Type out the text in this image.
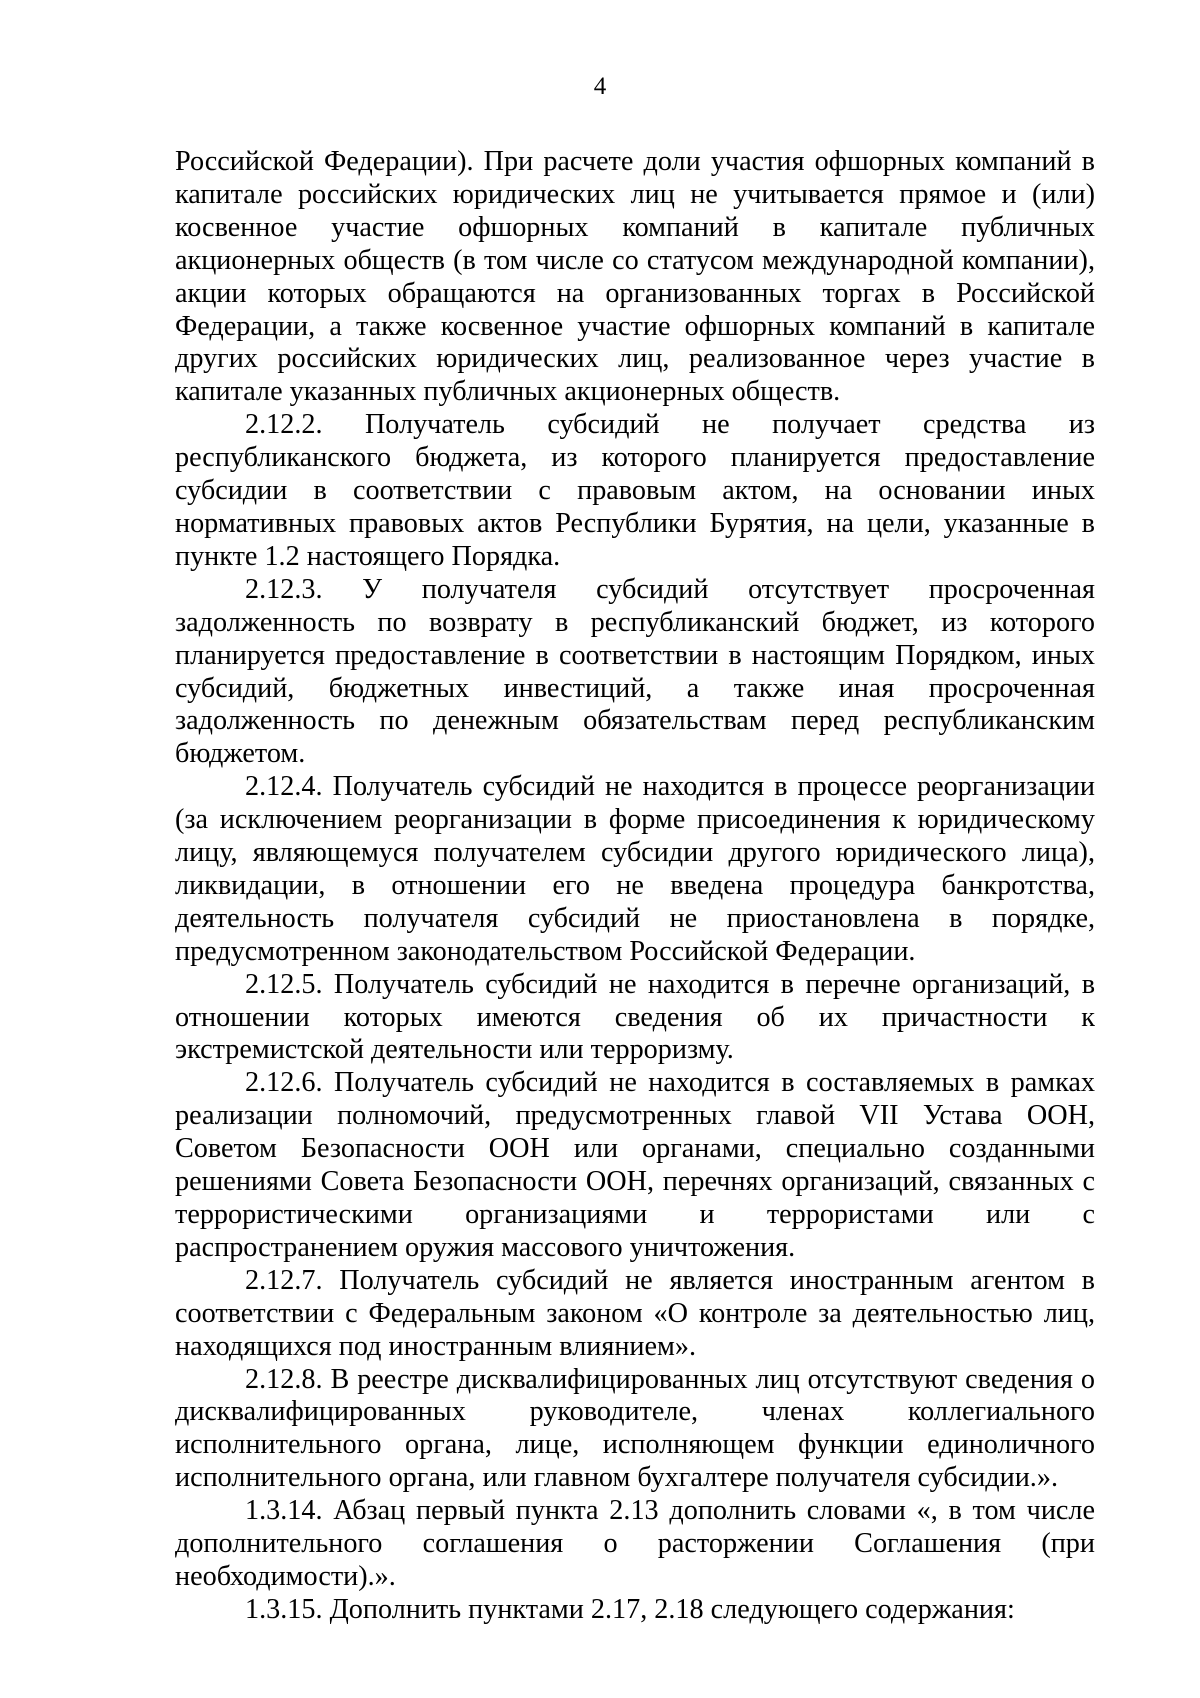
4

Российской Федерации). При расчете доли участия офшорных компаний в капитале российских юридических лиц не учитывается прямое и (или) косвенное участие офшорных компаний в капитале публичных акционерных обществ (в том числе со статусом международной компании), акции которых обращаются на организованных торгах в Российской Федерации, а также косвенное участие офшорных компаний в капитале других российских юридических лиц, реализованное через участие в капитале указанных публичных акционерных обществ.

2.12.2. Получатель субсидий не получает средства из республиканского бюджета, из которого планируется предоставление субсидии в соответствии с правовым актом, на основании иных нормативных правовых актов Республики Бурятия, на цели, указанные в пункте 1.2 настоящего Порядка.

2.12.3. У получателя субсидий отсутствует просроченная задолженность по возврату в республиканский бюджет, из которого планируется предоставление в соответствии в настоящим Порядком, иных субсидий, бюджетных инвестиций, а также иная просроченная задолженность по денежным обязательствам перед республиканским бюджетом.

2.12.4. Получатель субсидий не находится в процессе реорганизации (за исключением реорганизации в форме присоединения к юридическому лицу, являющемуся получателем субсидии другого юридического лица), ликвидации, в отношении его не введена процедура банкротства, деятельность получателя субсидий не приостановлена в порядке, предусмотренном законодательством Российской Федерации.

2.12.5. Получатель субсидий не находится в перечне организаций, в отношении которых имеются сведения об их причастности к экстремистской деятельности или терроризму.

2.12.6. Получатель субсидий не находится в составляемых в рамках реализации полномочий, предусмотренных главой VII Устава ООН, Советом Безопасности ООН или органами, специально созданными решениями Совета Безопасности ООН, перечнях организаций, связанных с террористическими организациями и террористами или с распространением оружия массового уничтожения.

2.12.7. Получатель субсидий не является иностранным агентом в соответствии с Федеральным законом «О контроле за деятельностью лиц, находящихся под иностранным влиянием».

2.12.8. В реестре дисквалифицированных лиц отсутствуют сведения о дисквалифицированных руководителе, членах коллегиального исполнительного органа, лице, исполняющем функции единоличного исполнительного органа, или главном бухгалтере получателя субсидии.».

1.3.14. Абзац первый пункта 2.13 дополнить словами «, в том числе дополнительного соглашения о расторжении Соглашения (при необходимости).».

1.3.15. Дополнить пунктами 2.17, 2.18 следующего содержания:
